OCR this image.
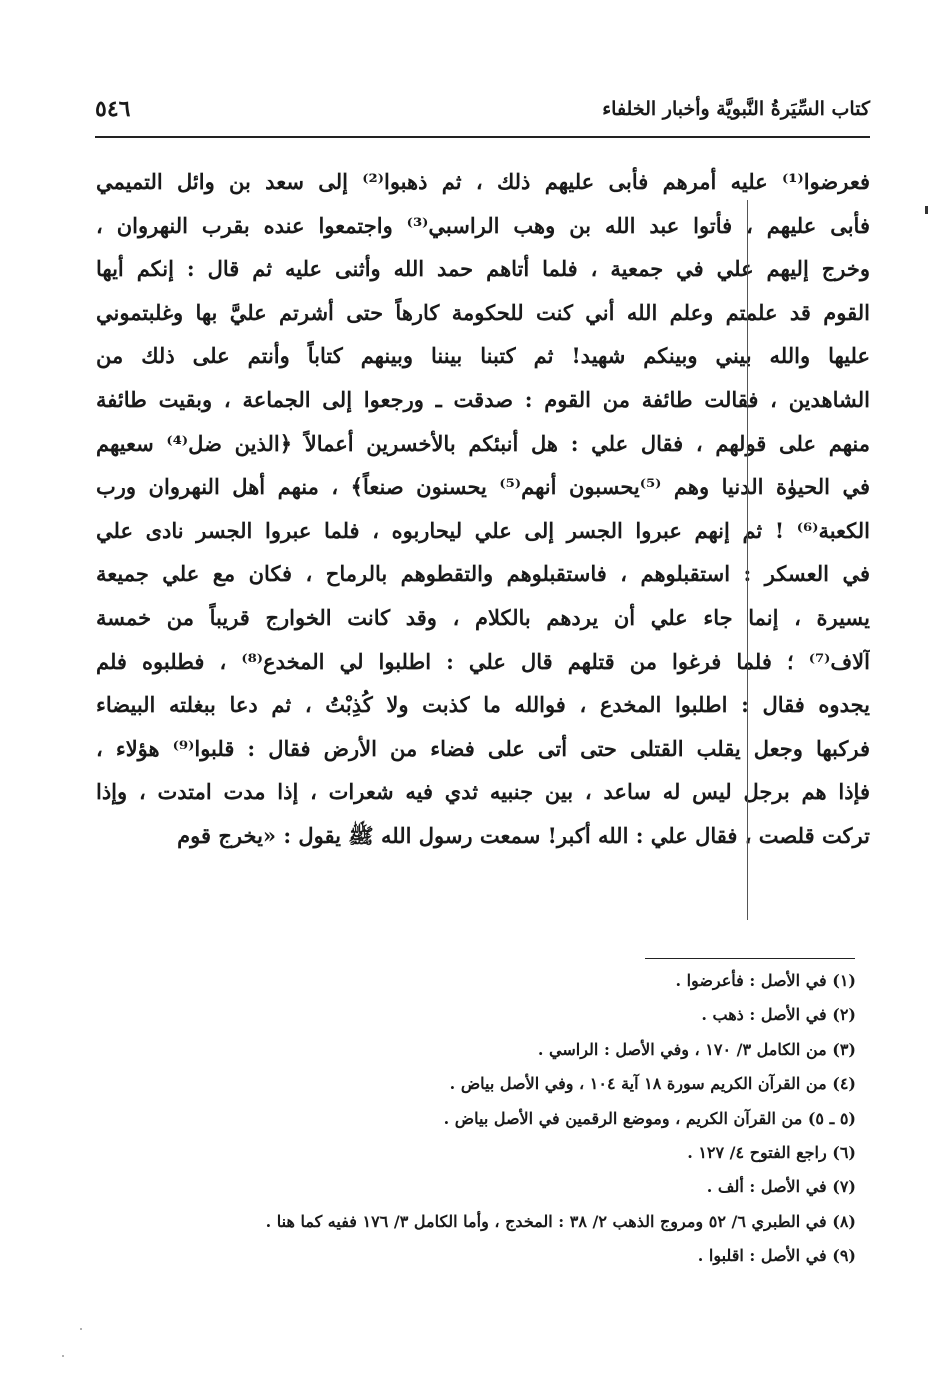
كتاب السِّيَرةُ النَّبويَّة وأخبار الخلفاء
٥٤٦
فعرضوا⁽¹⁾ عليه أمرهم فأبى عليهم ذلك ، ثم ذهبوا⁽²⁾ إلى سعد بن وائل التميمي
فأبى عليهم ، فأتوا عبد الله بن وهب الراسبي⁽³⁾ واجتمعوا عنده بقرب النهروان ،
وخرج إليهم علي في جمعية ، فلما أتاهم حمد الله وأثنى عليه ثم قال : إنكم أيها
القوم قد علمتم وعلم الله أني كنت للحكومة كارهاً حتى أشرتم عليَّ بها وغلبتموني
عليها والله بيني وبينكم شهيد! ثم كتبنا بيننا وبينهم كتاباً وأنتم على ذلك من
الشاهدين ، فقالت طائفة من القوم : صدقت ـ ورجعوا إلى الجماعة ، وبقيت طائفة
منهم على قولهم ، فقال علي : هل أنبئكم بالأخسرين أعمالاً ﴿الذين ضل⁽⁴⁾ سعيهم
في الحيوٰة الدنيا وهم ⁽⁵⁾يحسبون أنهم⁽⁵⁾ يحسنون صنعاً﴾ ، منهم أهل النهروان ورب
الكعبة⁽⁶⁾ ! ثم إنهم عبروا الجسر إلى علي ليحاربوه ، فلما عبروا الجسر نادى علي
في العسكر : استقبلوهم ، فاستقبلوهم والتقطوهم بالرماح ، فكان مع علي جميعة
يسيرة ، إنما جاء علي أن يردهم بالكلام ، وقد كانت الخوارج قريباً من خمسة
آلاف⁽⁷⁾ ؛ فلما فرغوا من قتلهم قال علي : اطلبوا لي المخدع⁽⁸⁾ ، فطلبوه فلم
يجدوه فقال : اطلبوا المخدع ، فوالله ما كذبت ولا كُذِبْتُ ، ثم دعا ببغلته البيضاء
فركبها وجعل يقلب القتلى حتى أتى على فضاء من الأرض فقال : قلبوا⁽⁹⁾ هؤلاء ،
فإذا هم برجل ليس له ساعد ، بين جنبيه ثدي فيه شعرات ، إذا مدت امتدت ، وإذا
تركت قلصت ، فقال علي : الله أكبر! سمعت رسول الله ﷺ يقول : «يخرج قوم
(١) في الأصل : فأعرضوا .
(٢) في الأصل : ذهب .
(٣) من الكامل ٣/ ١٧٠ ، وفي الأصل : الراسي .
(٤) من القرآن الكريم سورة ١٨ آية ١٠٤ ، وفي الأصل بياض .
(٥ ـ ٥) من القرآن الكريم ، وموضع الرقمين في الأصل بياض .
(٦) راجع الفتوح ٤/ ١٢٧ .
(٧) في الأصل : ألف .
(٨) في الطبري ٦/ ٥٢ ومروج الذهب ٢/ ٣٨ : المخدج ، وأما الكامل ٣/ ١٧٦ ففيه كما هنا .
(٩) في الأصل : اقلبوا .
